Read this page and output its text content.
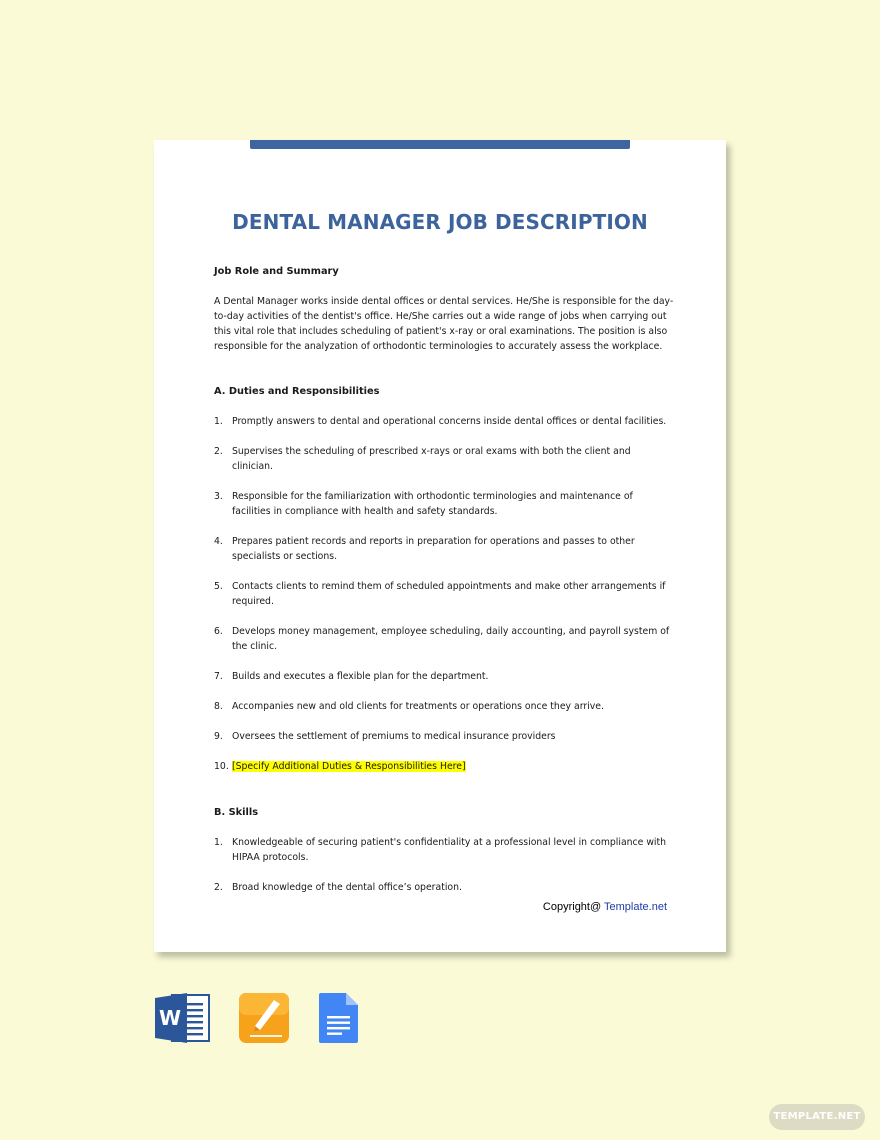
DENTAL MANAGER JOB DESCRIPTION

Job Role and Summary

A Dental Manager works inside dental offices or dental services. He/She is responsible for the day-to-day activities of the dentist's office. He/She carries out a wide range of jobs when carrying out this vital role that includes scheduling of patient's x-ray or oral examinations. The position is also responsible for the analyzation of orthodontic terminologies to accurately assess the workplace.

A. Duties and Responsibilities

1. Promptly answers to dental and operational concerns inside dental offices or dental facilities.
2. Supervises the scheduling of prescribed x-rays or oral exams with both the client and clinician.
3. Responsible for the familiarization with orthodontic terminologies and maintenance of facilities in compliance with health and safety standards.
4. Prepares patient records and reports in preparation for operations and passes to other specialists or sections.
5. Contacts clients to remind them of scheduled appointments and make other arrangements if required.
6. Develops money management, employee scheduling, daily accounting, and payroll system of the clinic.
7. Builds and executes a flexible plan for the department.
8. Accompanies new and old clients for treatments or operations once they arrive.
9. Oversees the settlement of premiums to medical insurance providers
10. [Specify Additional Duties & Responsibilities Here]

B. Skills

1. Knowledgeable of securing patient's confidentiality at a professional level in compliance with HIPAA protocols.
2. Broad knowledge of the dental office’s operation.
Copyright@ Template.net
W
TEMPLATE.NET
